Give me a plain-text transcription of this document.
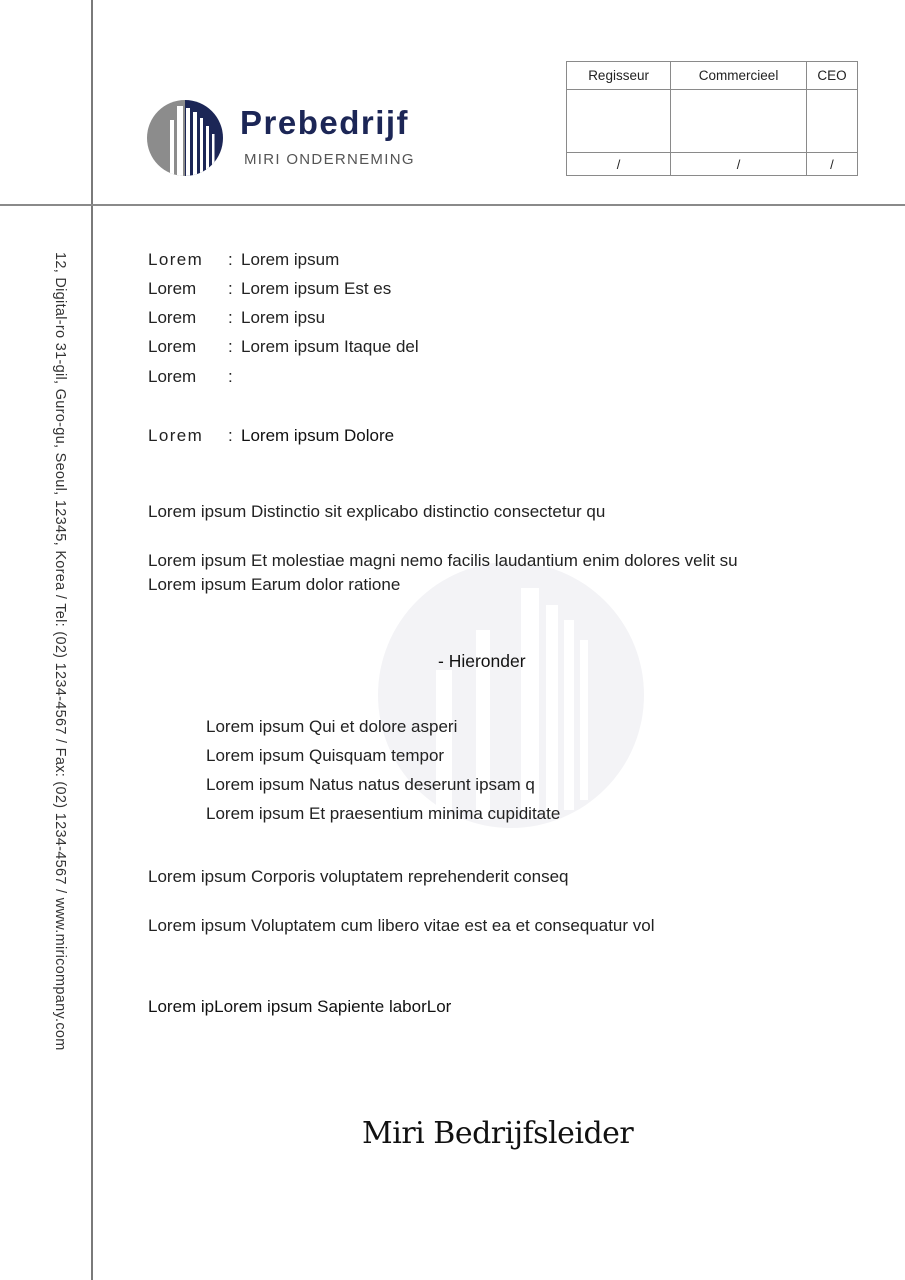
12, Digital-ro 31-gil, Guro-gu, Seoul, 12345, Korea / Tel: (02) 1234-4567 / Fax: (02) 1234-4567 / www.miricompany.com
Prebedrijf
MIRI ONDERNEMING
Regisseur	Commercieel	CEO

/	/	/
Lorem : Lorem ipsum
Lorem : Lorem ipsum Est es
Lorem : Lorem ipsu
Lorem : Lorem ipsum Itaque del
Lorem :
Lorem : Lorem ipsum Dolore
Lorem ipsum Distinctio sit explicabo distinctio consectetur qu
Lorem ipsum Et molestiae magni nemo facilis laudantium enim dolores velit su
Lorem ipsum Earum dolor ratione
- Hieronder
Lorem ipsum Qui et dolore asperi
Lorem ipsum Quisquam tempor
Lorem ipsum Natus natus deserunt ipsam q
Lorem ipsum Et praesentium minima cupiditate
Lorem ipsum Corporis voluptatem reprehenderit conseq
Lorem ipsum Voluptatem cum libero vitae est ea et consequatur vol
Lorem ipLorem ipsum Sapiente laborLor
Miri Bedrijfsleider
